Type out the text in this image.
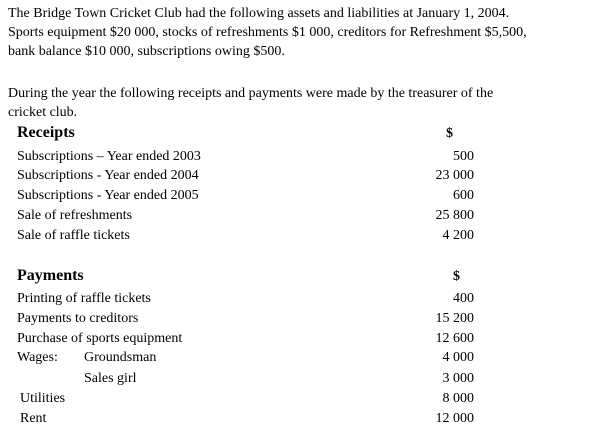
The Bridge Town Cricket Club had the following assets and liabilities at January 1, 2004.
Sports equipment $20 000, stocks of refreshments $1 000, creditors for Refreshment $5,500,
bank balance $10 000, subscriptions owing $500.
During the year the following receipts and payments were made by the treasurer of the
cricket club.
Receipts	$
Subscriptions – Year ended 2003	500
Subscriptions - Year ended 2004	23 000
Subscriptions - Year ended 2005	600
Sale of refreshments	25 800
Sale of raffle tickets	4 200
Payments	$
Printing of raffle tickets	400
Payments to creditors	15 200
Purchase of sports equipment	12 600
Wages: Groundsman	4 000
Sales girl	3 000
Utilities	8 000
Rent	12 000
